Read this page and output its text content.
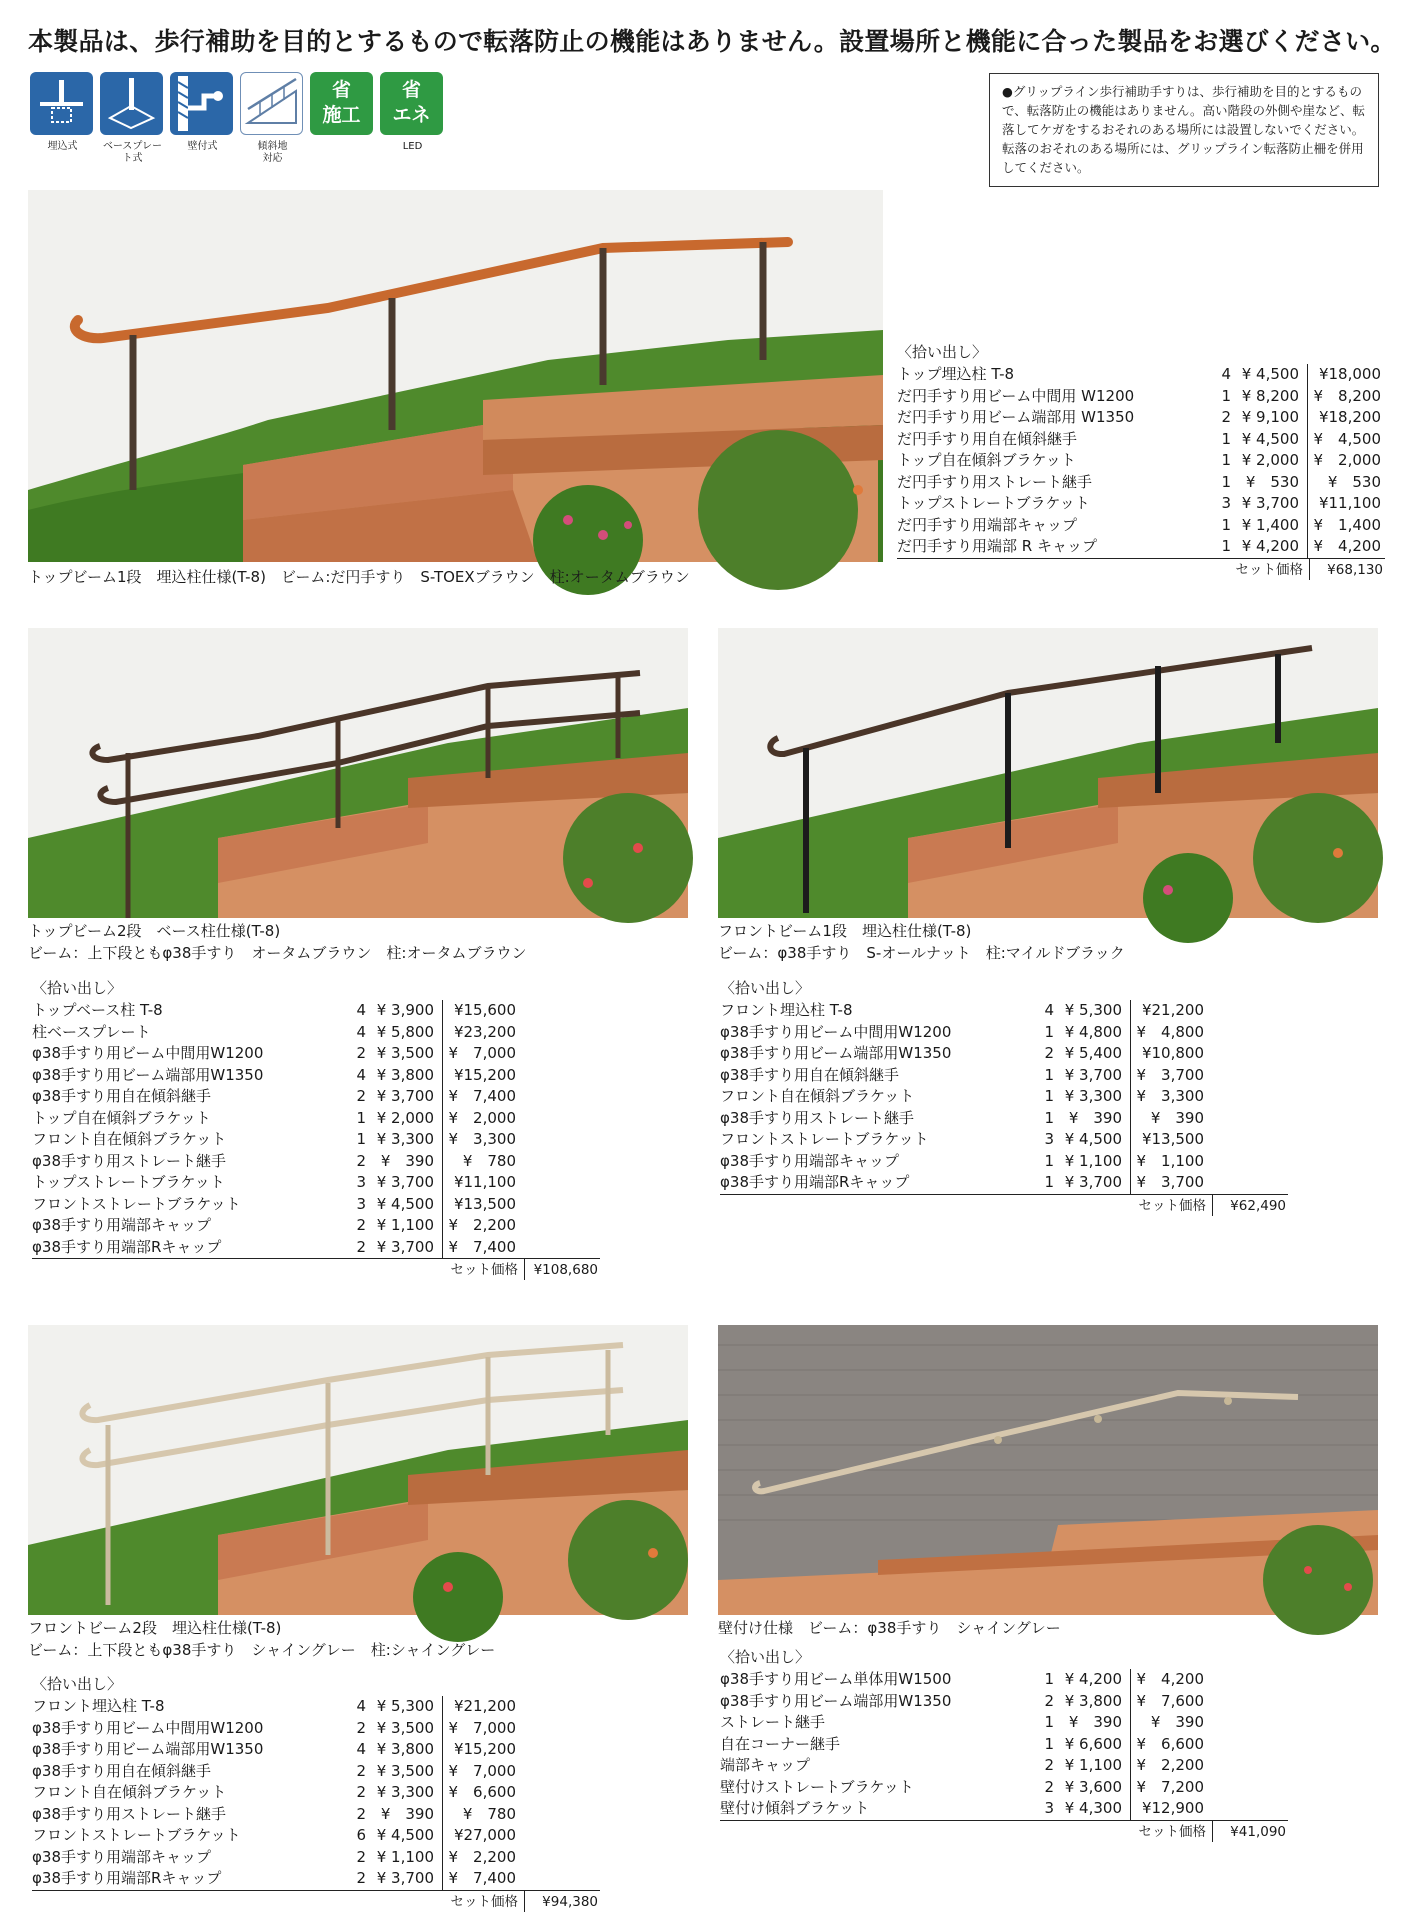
本製品は、歩行補助を目的とするもので転落防止の機能はありません。設置場所と機能に合った製品をお選びください。
埋込式	ベースプレート式
壁付式	傾斜地
対応
省
施工
省
エネ
LED
●グリップライン歩行補助手すりは、歩行補助を目的とするもので、転落防止の機能はありません。高い階段の外側や崖など、転落してケガをするおそれのある場所には設置しないでください。転落のおそれのある場所には、グリップライン転落防止柵を併用してください。
トップビーム1段　埋込柱仕様(T-8)　ビーム:だ円手すり　S-TOEXブラウン　柱:オータムブラウン
〈拾い出し〉
トップ埋込柱 T-8	4 ¥ 4,500	¥18,000
だ円手すり用ビーム中間用 W1200	1 ¥ 8,200 ¥　8,200
だ円手すり用ビーム端部用 W1350	2 ¥ 9,100	¥18,200
だ円手すり用自在傾斜継手	1 ¥ 4,500 ¥　4,500
トップ自在傾斜ブラケット	1 ¥ 2,000 ¥　2,000
だ円手すり用ストレート継手	1 ¥　530	¥　530
トップストレートブラケット	3 ¥ 3,700	¥11,100
だ円手すり用端部キャップ	1 ¥ 1,400 ¥　1,400
だ円手すり用端部 R キャップ	1 ¥ 4,200 ¥　4,200
セット価格	¥68,130
トップビーム2段　ベース柱仕様(T-8)
ビーム：上下段ともφ38手すり　オータムブラウン　柱:オータムブラウン
〈拾い出し〉
トップベース柱 T-8	4 ¥ 3,900	¥15,600
柱ベースプレート	4 ¥ 5,800	¥23,200
φ38手すり用ビーム中間用W1200	2 ¥ 3,500 ¥　7,000
φ38手すり用ビーム端部用W1350	4 ¥ 3,800	¥15,200
φ38手すり用自在傾斜継手	2 ¥ 3,700 ¥　7,400
トップ自在傾斜ブラケット	1 ¥ 2,000 ¥　2,000
フロント自在傾斜ブラケット	1 ¥ 3,300 ¥　3,300
φ38手すり用ストレート継手	2 ¥　390	¥　780
トップストレートブラケット	3 ¥ 3,700	¥11,100
フロントストレートブラケット	3 ¥ 4,500	¥13,500
φ38手すり用端部キャップ	2 ¥ 1,100 ¥　2,200
φ38手すり用端部Rキャップ	2 ¥ 3,700 ¥　7,400
セット価格	¥108,680
フロントビーム1段　埋込柱仕様(T-8)
ビーム：φ38手すり　S-オールナット　柱:マイルドブラック
〈拾い出し〉
フロント埋込柱 T-8	4 ¥ 5,300	¥21,200
φ38手すり用ビーム中間用W1200	1 ¥ 4,800 ¥　4,800
φ38手すり用ビーム端部用W1350	2 ¥ 5,400	¥10,800
φ38手すり用自在傾斜継手	1 ¥ 3,700 ¥　3,700
フロント自在傾斜ブラケット	1 ¥ 3,300 ¥　3,300
φ38手すり用ストレート継手	1 ¥　390	¥　390
フロントストレートブラケット	3 ¥ 4,500	¥13,500
φ38手すり用端部キャップ	1 ¥ 1,100 ¥　1,100
φ38手すり用端部Rキャップ	1 ¥ 3,700 ¥　3,700
セット価格	¥62,490
フロントビーム2段　埋込柱仕様(T-8)
ビーム：上下段ともφ38手すり　シャイングレー　柱:シャイングレー
〈拾い出し〉
フロント埋込柱 T-8	4 ¥ 5,300	¥21,200
φ38手すり用ビーム中間用W1200	2 ¥ 3,500 ¥　7,000
φ38手すり用ビーム端部用W1350	4 ¥ 3,800	¥15,200
φ38手すり用自在傾斜継手	2 ¥ 3,500 ¥　7,000
フロント自在傾斜ブラケット	2 ¥ 3,300 ¥　6,600
φ38手すり用ストレート継手	2 ¥　390	¥　780
フロントストレートブラケット	6 ¥ 4,500	¥27,000
φ38手すり用端部キャップ	2 ¥ 1,100 ¥　2,200
φ38手すり用端部Rキャップ	2 ¥ 3,700 ¥　7,400
セット価格	¥94,380
壁付け仕様　ビーム：φ38手すり　シャイングレー
〈拾い出し〉
φ38手すり用ビーム単体用W1500	1 ¥ 4,200 ¥　4,200
φ38手すり用ビーム端部用W1350	2 ¥ 3,800 ¥　7,600
ストレート継手	1 ¥　390	¥　390
自在コーナー継手	1 ¥ 6,600 ¥　6,600
端部キャップ	2 ¥ 1,100 ¥　2,200
壁付けストレートブラケット	2 ¥ 3,600 ¥　7,200
壁付け傾斜ブラケット	3 ¥ 4,300	¥12,900
セット価格	¥41,090
